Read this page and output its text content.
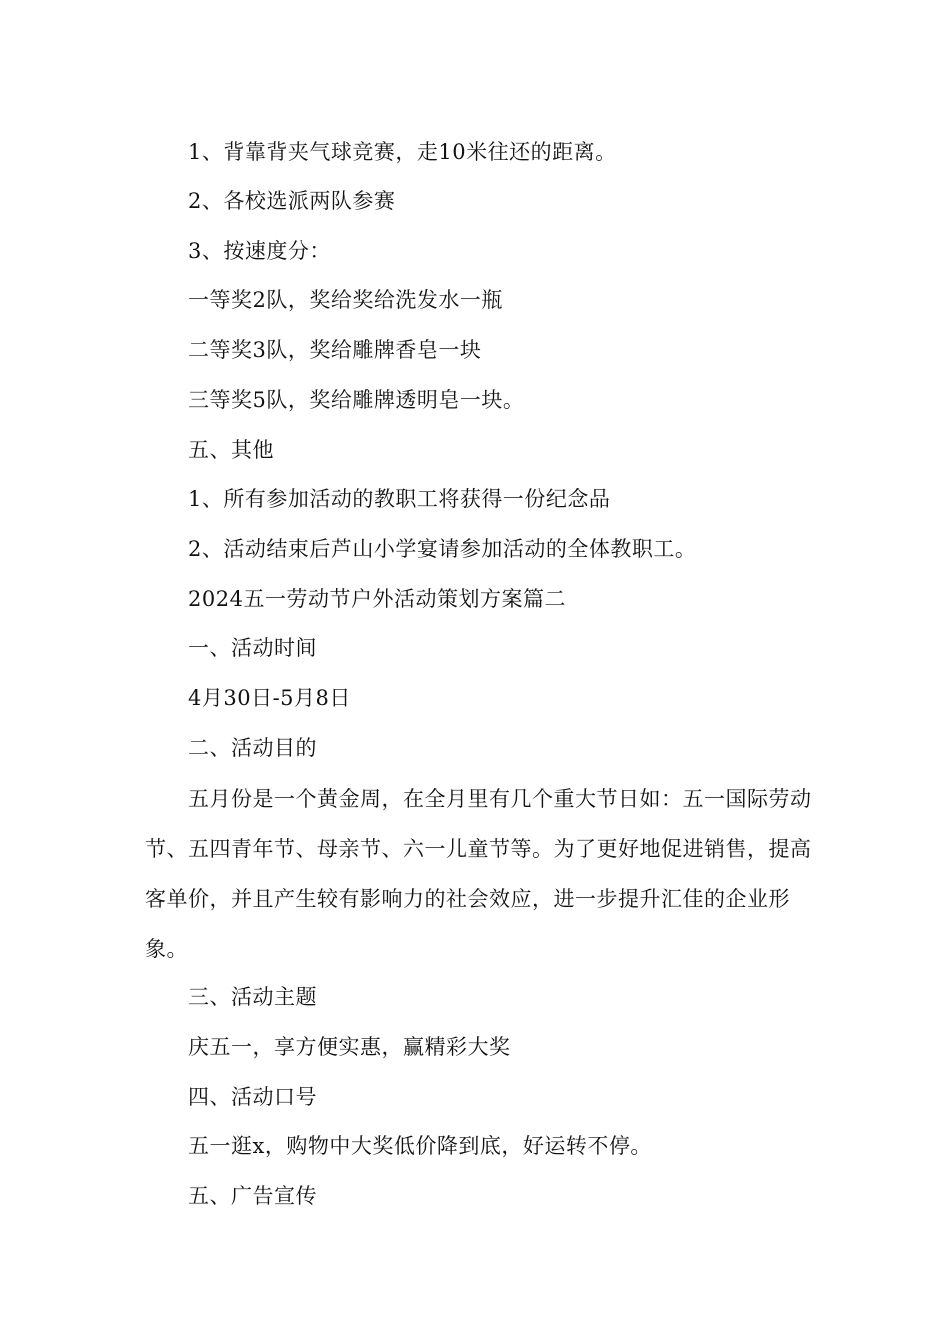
1、背靠背夹气球竞赛，走10米往还的距离。
2、各校选派两队参赛
3、按速度分：
一等奖2队，奖给奖给洗发水一瓶
二等奖3队，奖给雕牌香皂一块
三等奖5队，奖给雕牌透明皂一块。
五、其他
1、所有参加活动的教职工将获得一份纪念品
2、活动结束后芦山小学宴请参加活动的全体教职工。
2024五一劳动节户外活动策划方案篇二
一、活动时间
4月30日-5月8日
二、活动目的
五月份是一个黄金周，在全月里有几个重大节日如：五一国际劳动节、五四青年节、母亲节、六一儿童节等。为了更好地促进销售，提高客单价，并且产生较有影响力的社会效应，进一步提升汇佳的企业形象。
三、活动主题
庆五一，享方便实惠，赢精彩大奖
四、活动口号
五一逛x，购物中大奖低价降到底，好运转不停。
五、广告宣传
